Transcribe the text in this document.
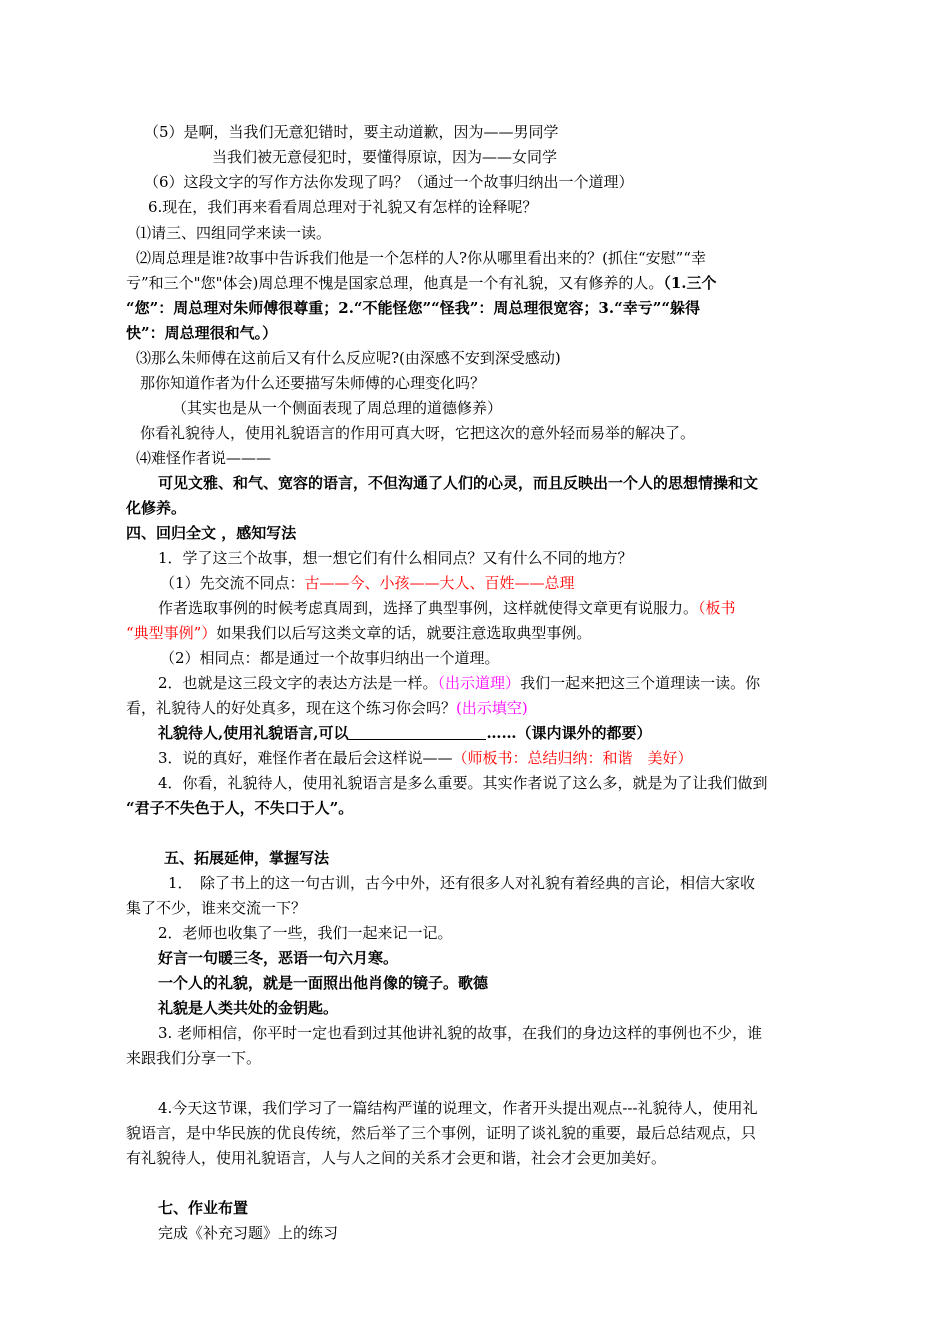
（5）是啊，当我们无意犯错时，要主动道歉，因为——男同学
当我们被无意侵犯时，要懂得原谅，因为——女同学
（6）这段文字的写作方法你发现了吗？（通过一个故事归纳出一个道理）
6.现在，我们再来看看周总理对于礼貌又有怎样的诠释呢？
⑴请三、四组同学来读一读。
⑵周总理是谁?故事中告诉我们他是一个怎样的人?你从哪里看出来的？(抓住“安慰”“幸
亏”和三个"您"体会)周总理不愧是国家总理，他真是一个有礼貌，又有修养的人。（1.三个
“您”：周总理对朱师傅很尊重；2.“不能怪您”“怪我”：周总理很宽容；3.“幸亏”“躲得
快”：周总理很和气。）
⑶那么朱师傅在这前后又有什么反应呢?(由深感不安到深受感动)
那你知道作者为什么还要描写朱师傅的心理变化吗？
（其实也是从一个侧面表现了周总理的道德修养）
你看礼貌待人，使用礼貌语言的作用可真大呀，它把这次的意外轻而易举的解决了。
⑷难怪作者说———
可见文雅、和气、宽容的语言，不但沟通了人们的心灵，而且反映出一个人的思想情操和文
化修养。
四、回归全文 ，感知写法
1．学了这三个故事，想一想它们有什么相同点？又有什么不同的地方？
（1）先交流不同点：古——今、小孩——大人、百姓——总理
作者选取事例的时候考虑真周到，选择了典型事例，这样就使得文章更有说服力。（板书
“典型事例”）如果我们以后写这类文章的话，就要注意选取典型事例。
（2）相同点：都是通过一个故事归纳出一个道理。
2．也就是这三段文字的表达方法是一样。（出示道理）我们一起来把这三个道理读一读。你
看，礼貌待人的好处真多，现在这个练习你会吗？(出示填空)
礼貌待人,使用礼貌语言,可以	……（课内课外的都要）
3．说的真好，难怪作者在最后会这样说——（师板书：总结归纳：和谐　美好）
4．你看，礼貌待人，使用礼貌语言是多么重要。其实作者说了这么多，就是为了让我们做到
“君子不失色于人，不失口于人”。
五、拓展延伸，掌握写法
1．　除了书上的这一句古训，古今中外，还有很多人对礼貌有着经典的言论，相信大家收
集了不少，谁来交流一下？
2．老师也收集了一些，我们一起来记一记。
好言一句暖三冬，恶语一句六月寒。
一个人的礼貌，就是一面照出他肖像的镜子。歌德
礼貌是人类共处的金钥匙。
3. 老师相信，你平时一定也看到过其他讲礼貌的故事，在我们的身边这样的事例也不少，谁
来跟我们分享一下。
4.今天这节课，我们学习了一篇结构严谨的说理文，作者开头提出观点---礼貌待人，使用礼
貌语言，是中华民族的优良传统，然后举了三个事例，证明了谈礼貌的重要，最后总结观点，只
有礼貌待人，使用礼貌语言，人与人之间的关系才会更和谐，社会才会更加美好。
七、作业布置
完成《补充习题》上的练习
